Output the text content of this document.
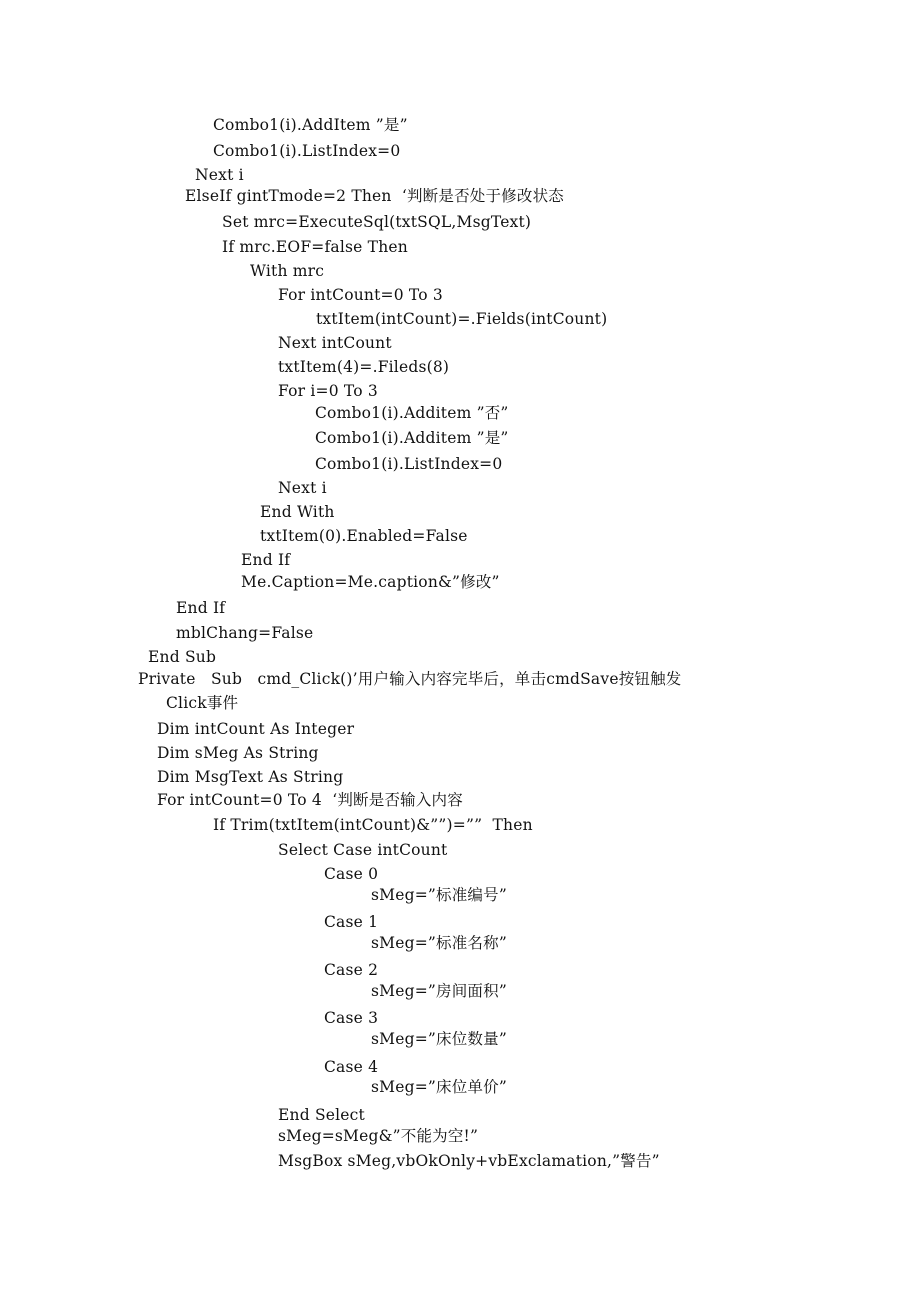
Combo1(i).AddItem ”是”
Combo1(i).ListIndex=0
Next i
ElseIf gintTmode=2 Then  ‘判断是否处于修改状态
Set mrc=ExecuteSql(txtSQL,MsgText)
If mrc.EOF=false Then
With mrc
For intCount=0 To 3
txtItem(intCount)=.Fields(intCount)
Next intCount
txtItem(4)=.Fileds(8)
For i=0 To 3
Combo1(i).Additem ”否”
Combo1(i).Additem ”是”
Combo1(i).ListIndex=0
Next i
End With
txtItem(0).Enabled=False
End If
Me.Caption=Me.caption&”修改”
End If
mblChang=False
End Sub
Private   Sub   cmd_Click()’用户输入内容完毕后，单击cmdSave按钮触发
Click事件
Dim intCount As Integer
Dim sMeg As String
Dim MsgText As String
For intCount=0 To 4  ‘判断是否输入内容
If Trim(txtItem(intCount)&””)=””  Then
Select Case intCount
Case 0
sMeg=”标准编号”
Case 1
sMeg=”标准名称”
Case 2
sMeg=”房间面积”
Case 3
sMeg=”床位数量”
Case 4
sMeg=”床位单价”
End Select
sMeg=sMeg&”不能为空!”
MsgBox sMeg,vbOkOnly+vbExclamation,”警告”
